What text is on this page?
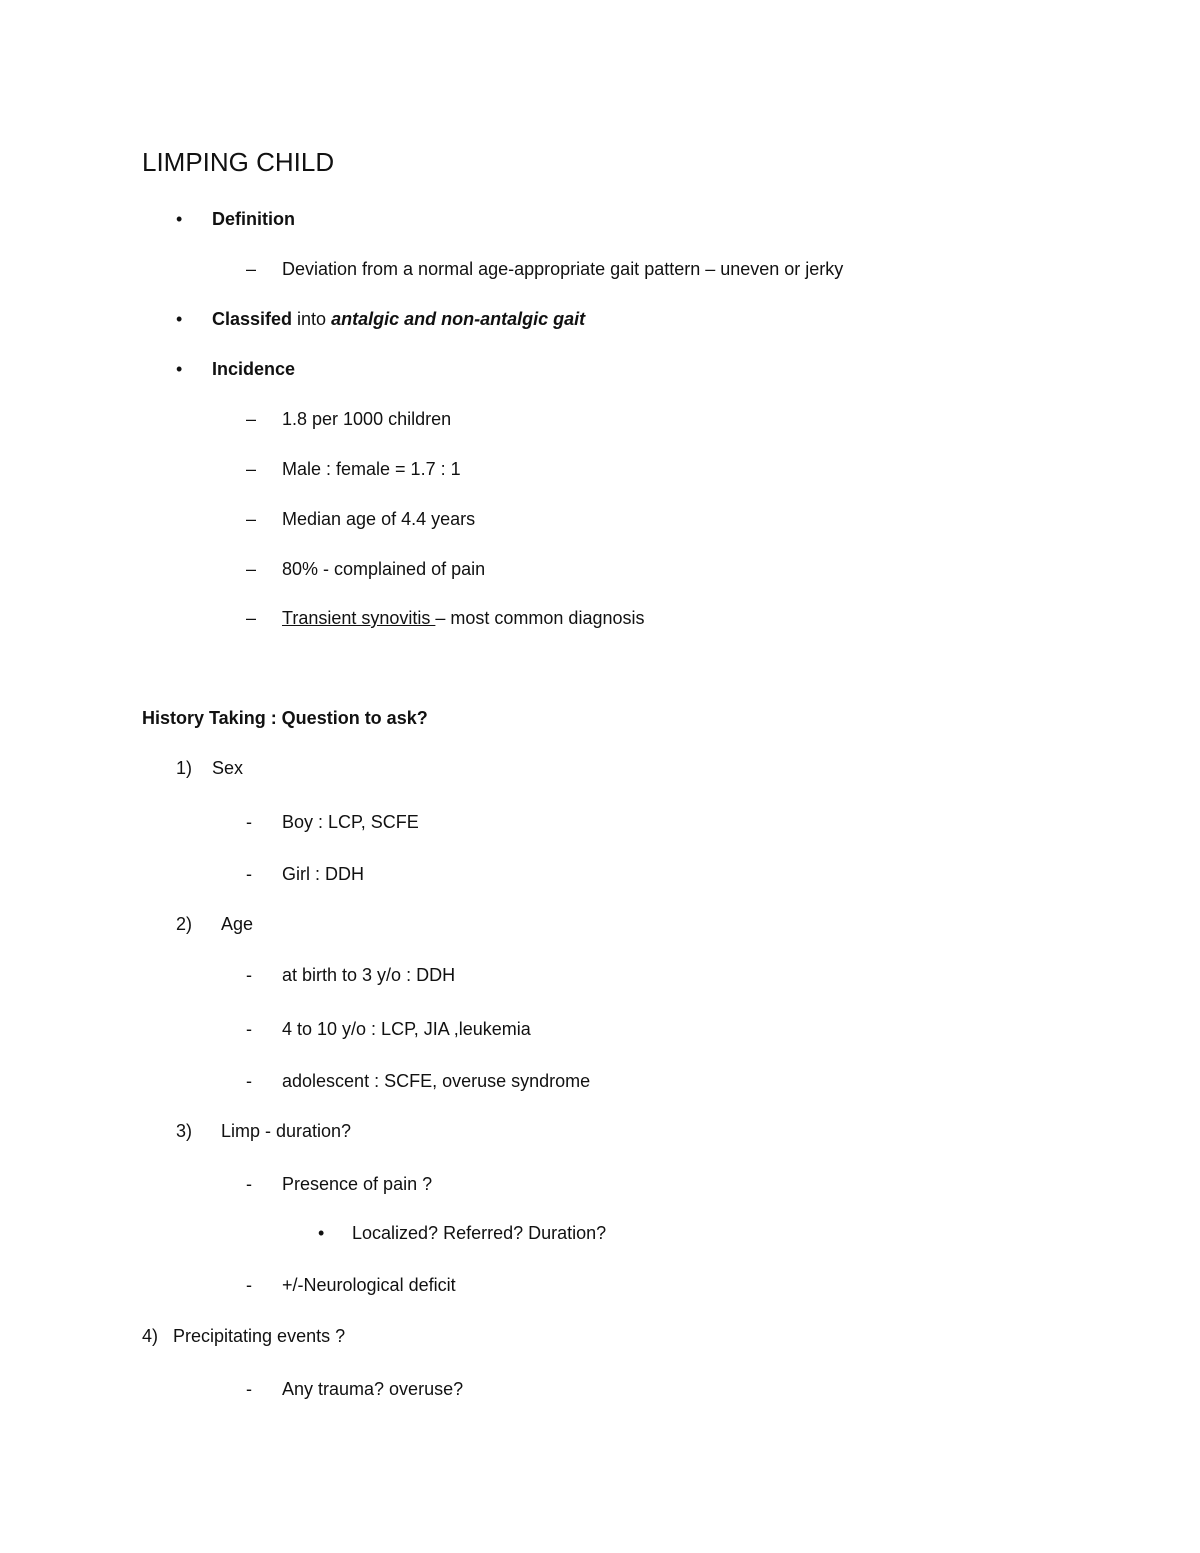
LIMPING CHILD
• Definition
– Deviation from a normal age-appropriate gait pattern – uneven or jerky
• Classifed into antalgic and non-antalgic gait
• Incidence
– 1.8 per 1000 children
– Male : female = 1.7 : 1
– Median age of 4.4 years
– 80% - complained of pain
– Transient synovitis – most common diagnosis
History Taking : Question to ask?
1) Sex
- Boy : LCP, SCFE
- Girl : DDH
2) Age
- at birth to 3 y/o : DDH
- 4 to 10 y/o : LCP, JIA ,leukemia
- adolescent : SCFE, overuse syndrome
3) Limp - duration?
- Presence of pain ?
• Localized? Referred? Duration?
- +/-Neurological deficit
4) Precipitating events ?
- Any trauma? overuse?
